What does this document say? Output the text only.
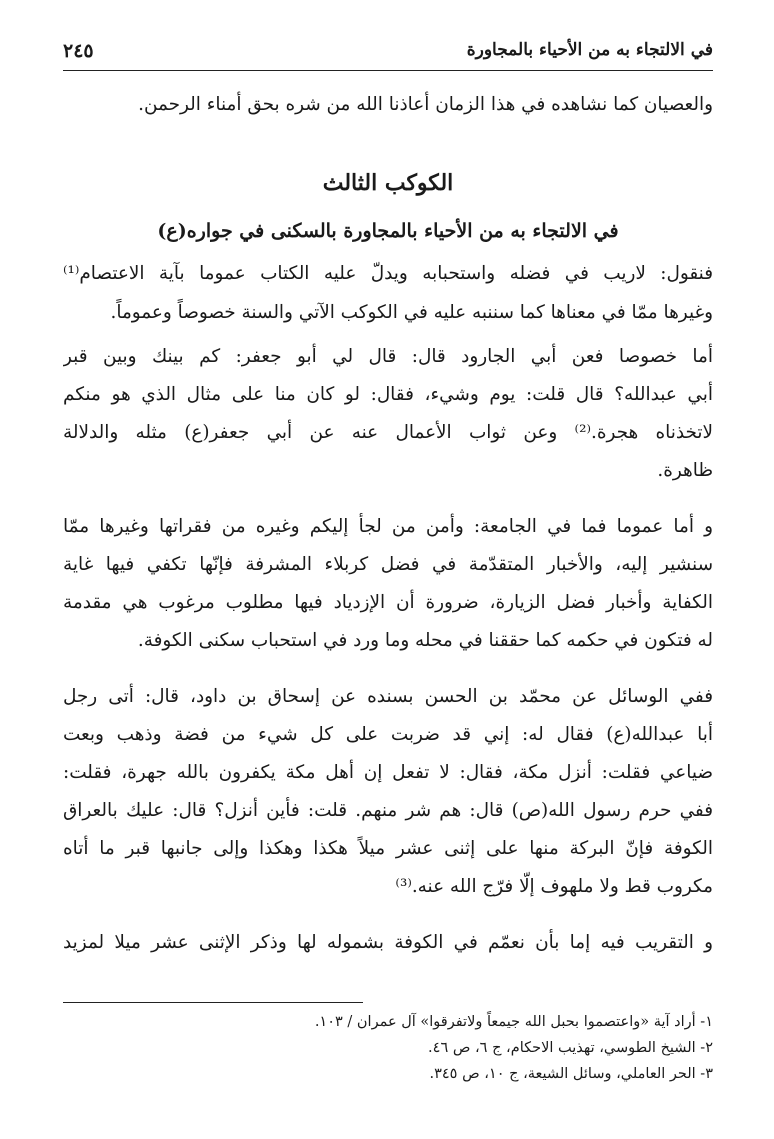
في الالتجاء به من الأحياء بالمجاورة
٢٤٥
والعصيان كما نشاهده في هذا الزمان أعاذنا الله من شره بحق أمناء الرحمن.
الكوكب الثالث
في الالتجاء به من الأحياء بالمجاورة بالسكنى في جواره(ع)
فنقول: لاريب في فضله واستحبابه ويدلّ عليه الكتاب عموما بآية الاعتصام⁽¹⁾
وغيرها ممّا في معناها كما سننبه عليه في الكوكب الآتي والسنة خصوصاً وعموماً.
أما خصوصا فعن أبي الجارود قال: قال لي أبو جعفر: كم بينك وبين قبر
أبي عبدالله؟ قال قلت: يوم وشيء، فقال: لو كان منا على مثال الذي هو منكم
لاتخذناه هجرة.⁽²⁾ وعن ثواب الأعمال عنه عن أبي جعفر(ع) مثله والدلالة
ظاهرة.
و أما عموما فما في الجامعة: وأمن من لجأ إليكم وغيره من فقراتها وغيرها ممّا
سنشير إليه، والأخبار المتقدّمة في فضل كربلاء المشرفة فإنّها تكفي فيها غاية
الكفاية وأخبار فضل الزيارة، ضرورة أن الإزدياد فيها مطلوب مرغوب هي مقدمة
له فتكون في حكمه كما حققنا في محله وما ورد في استحباب سكنى الكوفة.
ففي الوسائل عن محمّد بن الحسن بسنده عن إسحاق بن داود، قال: أتى رجل
أبا عبدالله(ع) فقال له: إني قد ضربت على كل شيء من فضة وذهب وبعت
ضياعي فقلت: أنزل مكة، فقال: لا تفعل إن أهل مكة يكفرون بالله جهرة، فقلت:
ففي حرم رسول الله(ص) قال: هم شر منهم. قلت: فأين أنزل؟ قال: عليك بالعراق
الكوفة فإنّ البركة منها على إثنى عشر ميلاً هكذا وهكذا وإلى جانبها قبر ما أتاه
مكروب قط ولا ملهوف إلّا فرّج الله عنه.⁽³⁾
و التقريب فيه إما بأن نعمّم في الكوفة بشموله لها وذكر الإثنى عشر ميلا لمزيد
١- أراد آية «واعتصموا بحبل الله جيمعاً ولاتفرقوا» آل عمران / ١٠٣.
٢- الشيخ الطوسي، تهذيب الاحكام، ج ٦، ص ٤٦.
٣- الحر العاملي، وسائل الشيعة، ج ١٠، ص ٣٤٥.
